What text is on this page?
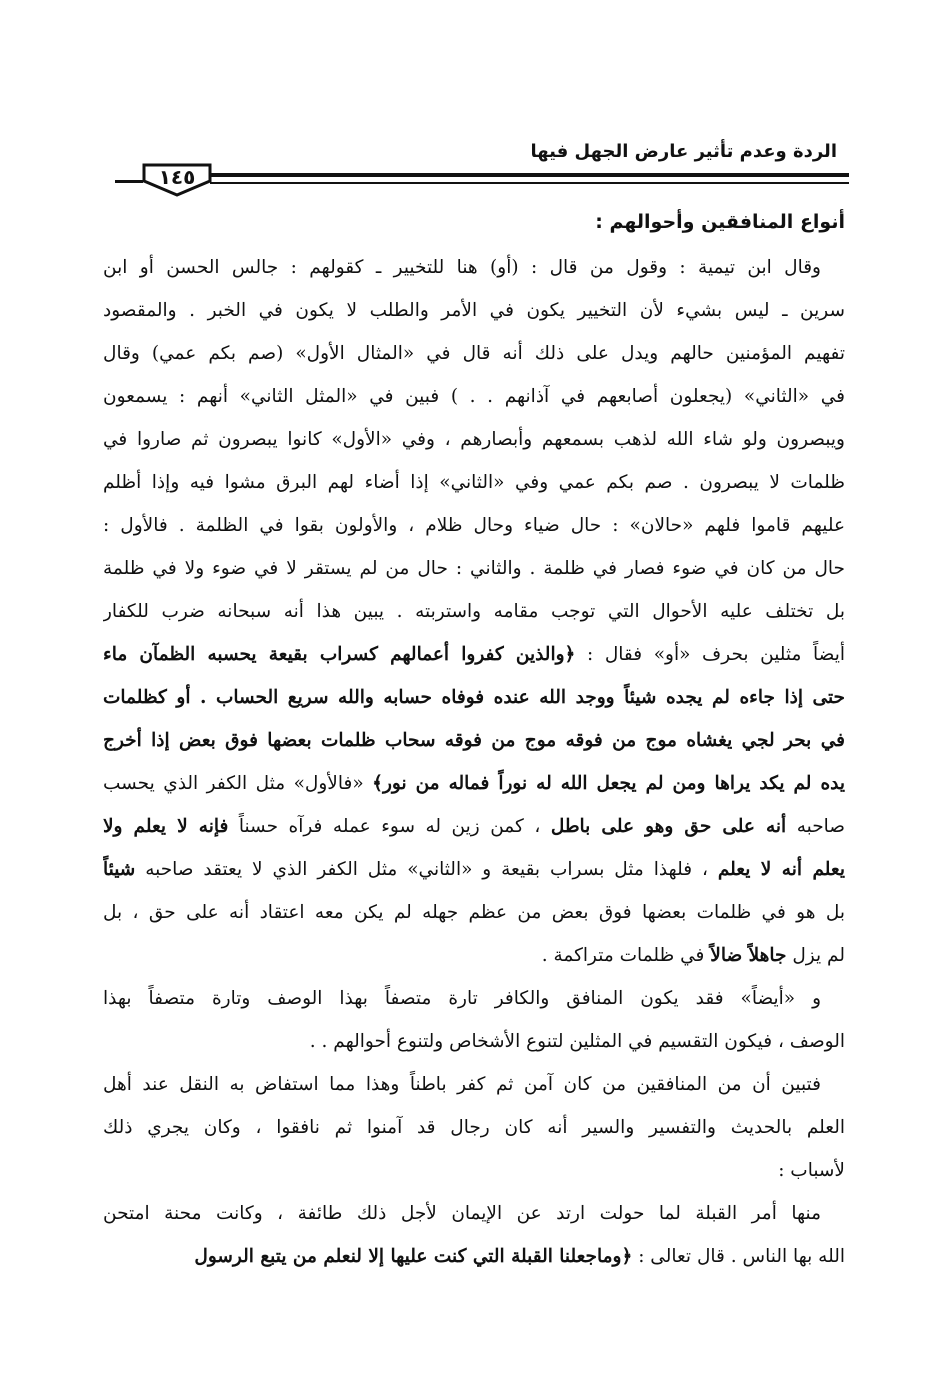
الردة وعدم تأثير عارض الجهل فيها
١٤٥
أنواع المنافقين وأحوالهم :
وقال ابن تيمية : وقول من قال : (أو) هنا للتخيير ـ كقولهم : جالس الحسن أو ابن
سرين ـ ليس بشيء لأن التخيير يكون في الأمر والطلب لا يكون في الخبر . والمقصود
تفهيم المؤمنين حالهم ويدل على ذلك أنه قال في «المثال الأول» (صم بكم عمي) وقال
في «الثاني» (يجعلون أصابعهم في آذانهم . . ) فبين في «المثل الثاني» أنهم : يسمعون
ويبصرون ولو شاء الله لذهب بسمعهم وأبصارهم ، وفي «الأول» كانوا يبصرون ثم صاروا في
ظلمات لا يبصرون . صم بكم عمي وفي «الثاني» إذا أضاء لهم البرق مشوا فيه وإذا أظلم
عليهم قاموا فلهم «حالان» : حال ضياء وحال ظلام ، والأولون بقوا في الظلمة . فالأول :
حال من كان في ضوء فصار في ظلمة . والثاني : حال من لم يستقر لا في ضوء ولا في ظلمة
بل تختلف عليه الأحوال التي توجب مقامه واستربته . يبين هذا أنه سبحانه ضرب للكفار
أيضاً مثلين بحرف «أو» فقال : ﴿والذين كفروا أعمالهم كسراب بقيعة يحسبه الظمآن ماء
حتى إذا جاءه لم يجده شيئاً ووجد الله عنده فوفاه حسابه والله سريع الحساب . أو كظلمات
في بحر لجي يغشاه موج من فوقه موج من فوقه سحاب ظلمات بعضها فوق بعض إذا أخرج
يده لم يكد يراها ومن لم يجعل الله له نوراً فماله من نور﴾ «فالأول» مثل الكفر الذي يحسب
صاحبه أنه على حق وهو على باطل ، كمن زين له سوء عمله فرآه حسناً فإنه لا يعلم ولا
يعلم أنه لا يعلم ، فلهذا مثل بسراب بقيعة و «الثاني» مثل الكفر الذي لا يعتقد صاحبه شيئاً
بل هو في ظلمات بعضها فوق بعض من عظم جهله لم يكن معه اعتقاد أنه على حق ، بل
لم يزل جاهلاً ضالاً في ظلمات متراكمة .
و «أيضاً» فقد يكون المنافق والكافر تارة متصفاً بهذا الوصف وتارة متصفاً بهذا
الوصف ، فيكون التقسيم في المثلين لتنوع الأشخاص ولتنوع أحوالهم . .
فتبين أن من المنافقين من كان آمن ثم كفر باطناً وهذا مما استفاض به النقل عند أهل
العلم بالحديث والتفسير والسير أنه كان رجال قد آمنوا ثم نافقوا ، وكان يجري ذلك
لأسباب :
منها أمر القبلة لما حولت ارتد عن الإيمان لأجل ذلك طائفة ، وكانت محنة امتحن
الله بها الناس . قال تعالى : ﴿وماجعلنا القبلة التي كنت عليها إلا لنعلم من يتبع الرسول
